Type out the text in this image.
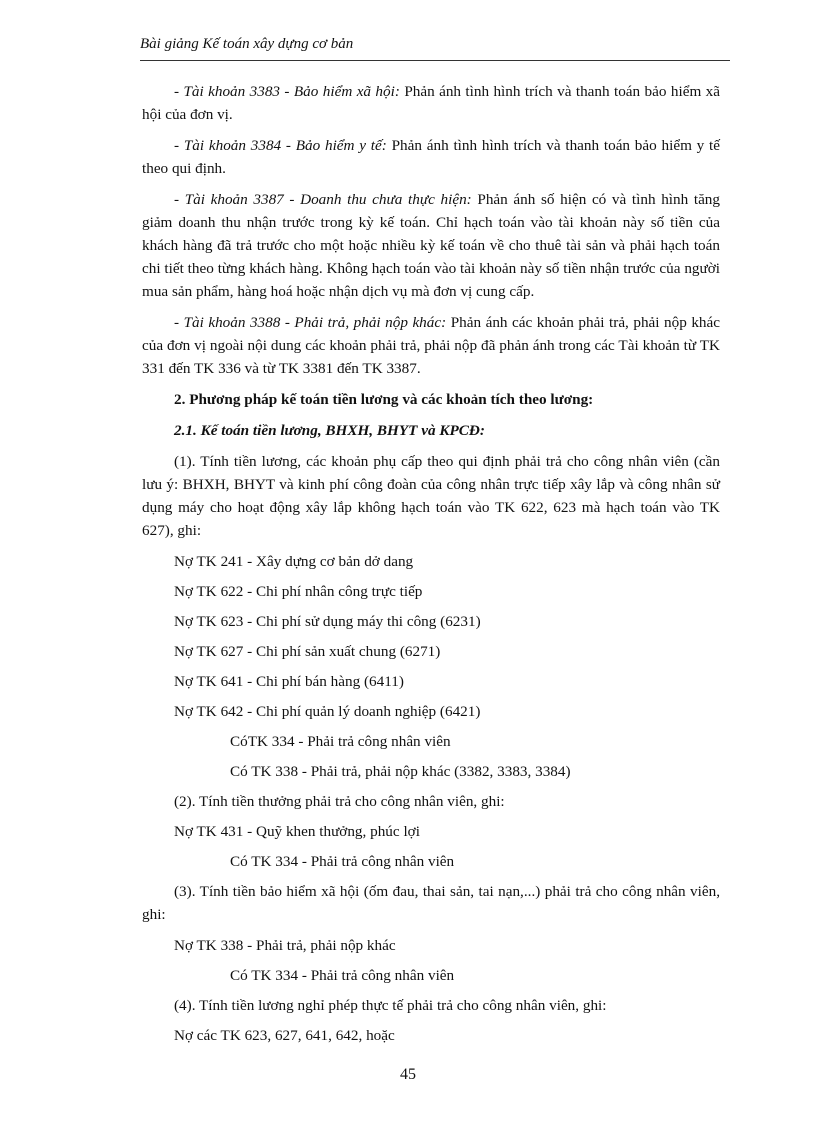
Bài giảng Kế toán xây dựng cơ bản

- Tài khoản 3383 - Bảo hiểm xã hội: Phản ánh tình hình trích và thanh toán bảo hiểm xã hội của đơn vị.

- Tài khoản 3384 - Bảo hiểm y tế: Phản ánh tình hình trích và thanh toán bảo hiểm y tế theo qui định.

- Tài khoản 3387 - Doanh thu chưa thực hiện: Phản ánh số hiện có và tình hình tăng giảm doanh thu nhận trước trong kỳ kế toán. Chỉ hạch toán vào tài khoản này số tiền của khách hàng đã trả trước cho một hoặc nhiều kỳ kế toán về cho thuê tài sản và phải hạch toán chi tiết theo từng khách hàng. Không hạch toán vào tài khoản này số tiền nhận trước của người mua sản phẩm, hàng hoá hoặc nhận dịch vụ mà đơn vị cung cấp.

- Tài khoản 3388 - Phải trả, phải nộp khác: Phản ánh các khoản phải trả, phải nộp khác của đơn vị ngoài nội dung các khoản phải trả, phải nộp đã phản ánh trong các Tài khoản từ TK 331 đến TK 336 và từ TK 3381 đến TK 3387.

2. Phương pháp kế toán tiền lương và các khoản tích theo lương:

2.1. Kế toán tiền lương, BHXH, BHYT và KPCĐ:

(1). Tính tiền lương, các khoản phụ cấp theo qui định phải trả cho công nhân viên (cần lưu ý: BHXH, BHYT và kinh phí công đoàn của công nhân trực tiếp xây lắp và công nhân sử dụng máy cho hoạt động xây lắp không hạch toán vào TK 622, 623 mà hạch toán vào TK 627), ghi:

Nợ TK 241 - Xây dựng cơ bản dở dang

Nợ TK 622 - Chi phí nhân công trực tiếp

Nợ TK 623 - Chi phí sử dụng máy thi công (6231)

Nợ TK 627 - Chi phí sản xuất chung (6271)

Nợ TK 641 - Chi phí bán hàng (6411)

Nợ TK 642 - Chi phí quản lý doanh nghiệp (6421)

CóTK 334 - Phải trả công nhân viên

Có TK 338 - Phải trả, phải nộp khác (3382, 3383, 3384)

(2). Tính tiền thưởng phải trả cho công nhân viên, ghi:

Nợ TK 431 - Quỹ khen thưởng, phúc lợi

Có TK 334 - Phải trả công nhân viên

(3). Tính tiền bảo hiểm xã hội (ốm đau, thai sản, tai nạn,...) phải trả cho công nhân viên, ghi:

Nợ TK 338 - Phải trả, phải nộp khác

Có TK 334 - Phải trả công nhân viên

(4). Tính tiền lương nghỉ phép thực tế phải trả cho công nhân viên, ghi:

Nợ các TK 623, 627, 641, 642, hoặc

45
